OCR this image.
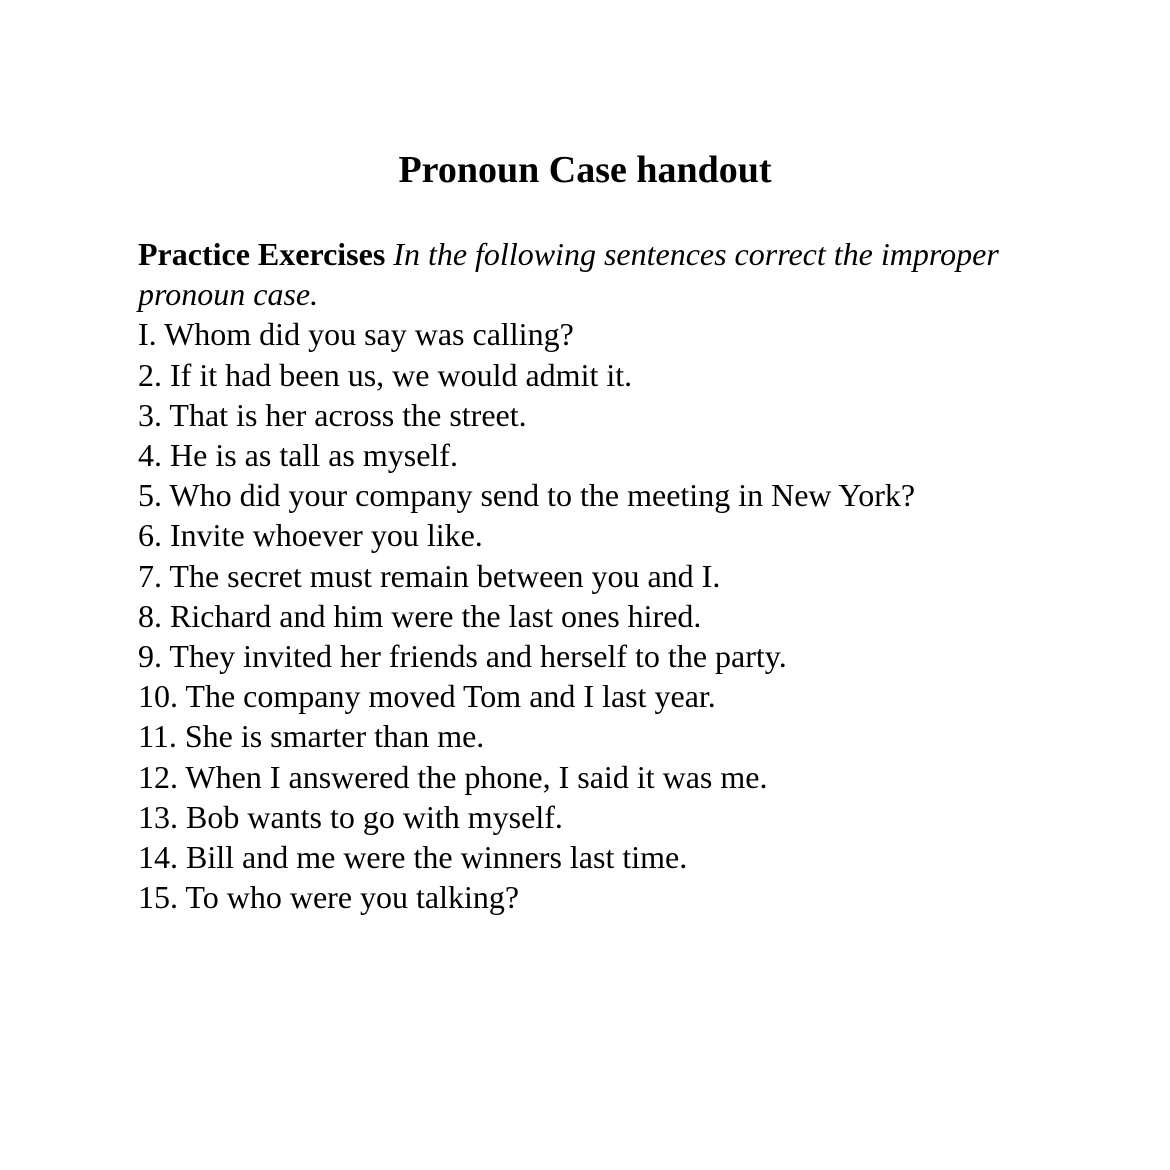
Pronoun Case handout

Practice Exercises In the following sentences correct the improper pronoun case.

I. Whom did you say was calling?
2. If it had been us, we would admit it.
3. That is her across the street.
4. He is as tall as myself.
5. Who did your company send to the meeting in New York?
6. Invite whoever you like.
7. The secret must remain between you and I.
8. Richard and him were the last ones hired.
9. They invited her friends and herself to the party.
10. The company moved Tom and I last year.
11. She is smarter than me.
12. When I answered the phone, I said it was me.
13. Bob wants to go with myself.
14. Bill and me were the winners last time.
15. To who were you talking?
